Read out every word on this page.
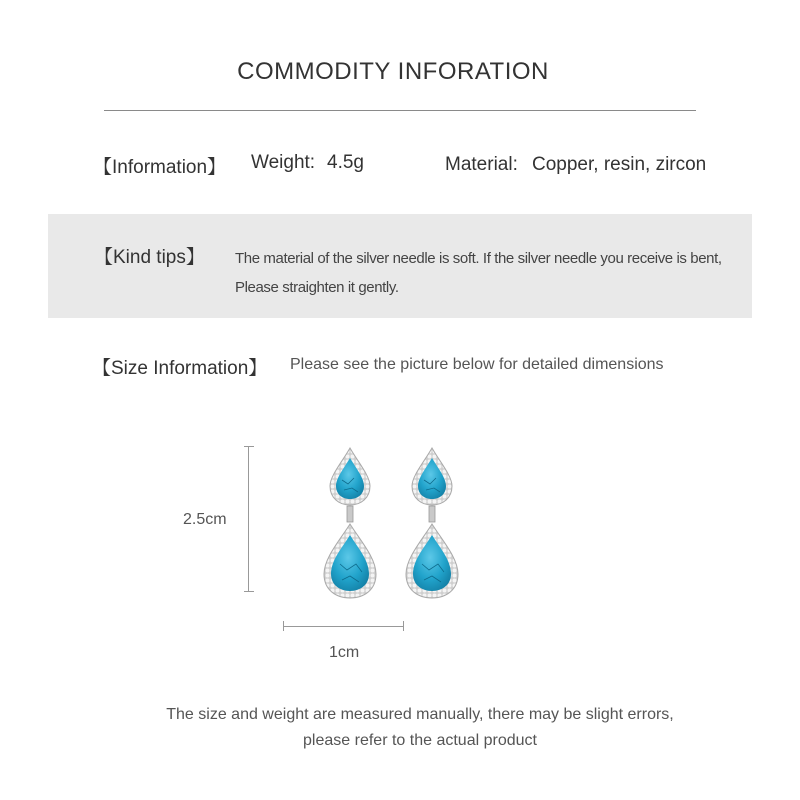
COMMODITY INFORATION
【Information】 Weight: 4.5g	Material: Copper, resin, zircon
【Kind tips】 The material of the silver needle is soft. If the silver needle you receive is bent,
Please straighten it gently.
【Size Information】 Please see the picture below for detailed dimensions
2.5cm
1cm
The size and weight are measured manually, there may be slight errors,
please refer to the actual product
